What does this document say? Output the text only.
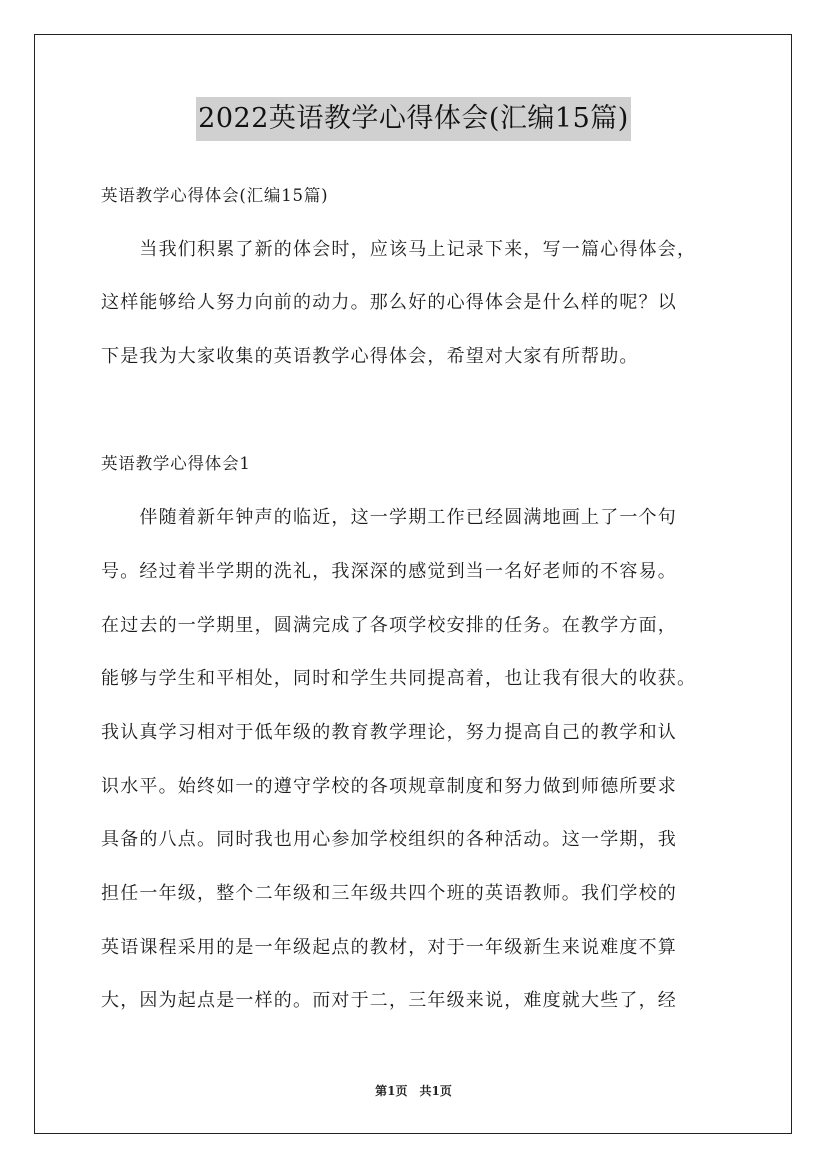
2022英语教学心得体会(汇编15篇)
英语教学心得体会(汇编15篇)
　　当我们积累了新的体会时，应该马上记录下来，写一篇心得体会，
这样能够给人努力向前的动力。那么好的心得体会是什么样的呢？以
下是我为大家收集的英语教学心得体会，希望对大家有所帮助。
英语教学心得体会1
　　伴随着新年钟声的临近，这一学期工作已经圆满地画上了一个句
号。经过着半学期的洗礼，我深深的感觉到当一名好老师的不容易。
在过去的一学期里，圆满完成了各项学校安排的任务。在教学方面，
能够与学生和平相处，同时和学生共同提高着，也让我有很大的收获。
我认真学习相对于低年级的教育教学理论，努力提高自己的教学和认
识水平。始终如一的遵守学校的各项规章制度和努力做到师德所要求
具备的八点。同时我也用心参加学校组织的各种活动。这一学期，我
担任一年级，整个二年级和三年级共四个班的英语教师。我们学校的
英语课程采用的是一年级起点的教材，对于一年级新生来说难度不算
大，因为起点是一样的。而对于二，三年级来说，难度就大些了，经
第1页　共1页
